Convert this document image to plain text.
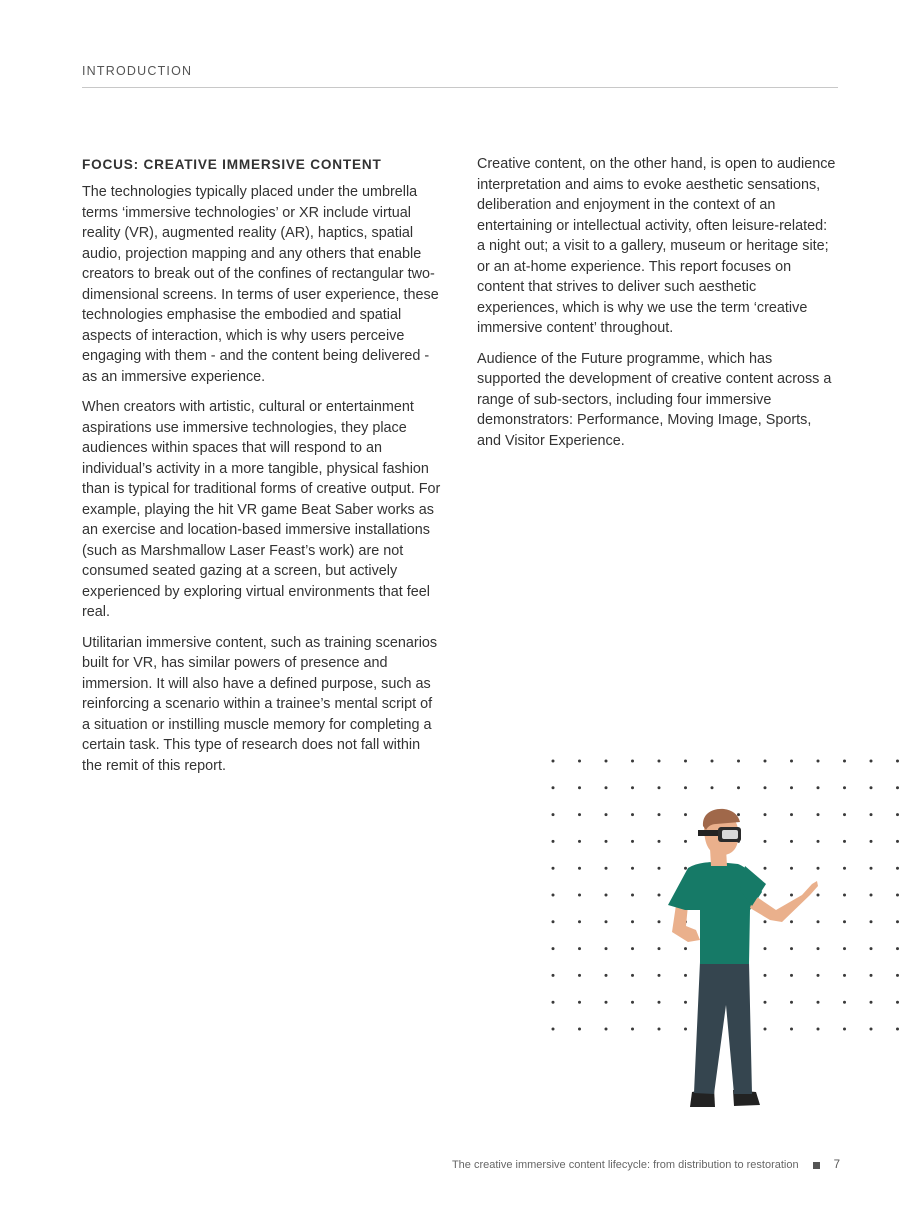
INTRODUCTION
FOCUS: CREATIVE IMMERSIVE CONTENT

The technologies typically placed under the umbrella terms ‘immersive technologies’ or XR include virtual reality (VR), augmented reality (AR), haptics, spatial audio, projection mapping and any others that enable creators to break out of the confines of rectangular two-dimensional screens. In terms of user experience, these technologies emphasise the embodied and spatial aspects of interaction, which is why users perceive engaging with them - and the content being delivered - as an immersive experience.

When creators with artistic, cultural or entertainment aspirations use immersive technologies, they place audiences within spaces that will respond to an individual’s activity in a more tangible, physical fashion than is typical for traditional forms of creative output. For example, playing the hit VR game Beat Saber works as an exercise and location-based immersive installations (such as Marshmallow Laser Feast’s work) are not consumed seated gazing at a screen, but actively experienced by exploring virtual environments that feel real.

Utilitarian immersive content, such as training scenarios built for VR, has similar powers of presence and immersion. It will also have a defined purpose, such as reinforcing a scenario within a trainee’s mental script of a situation or instilling muscle memory for completing a certain task. This type of research does not fall within the remit of this report.

Creative content, on the other hand, is open to audience interpretation and aims to evoke aesthetic sensations, deliberation and enjoyment in the context of an entertaining or intellectual activity, often leisure-related: a night out; a visit to a gallery, museum or heritage site; or an at-home experience. This report focuses on content that strives to deliver such aesthetic experiences, which is why we use the term ‘creative immersive content’ throughout.

Audience of the Future programme, which has supported the development of creative content across a range of sub-sectors, including four immersive demonstrators: Performance, Moving Image, Sports, and Visitor Experience.

The creative immersive content lifecycle: from distribution to restoration	7
